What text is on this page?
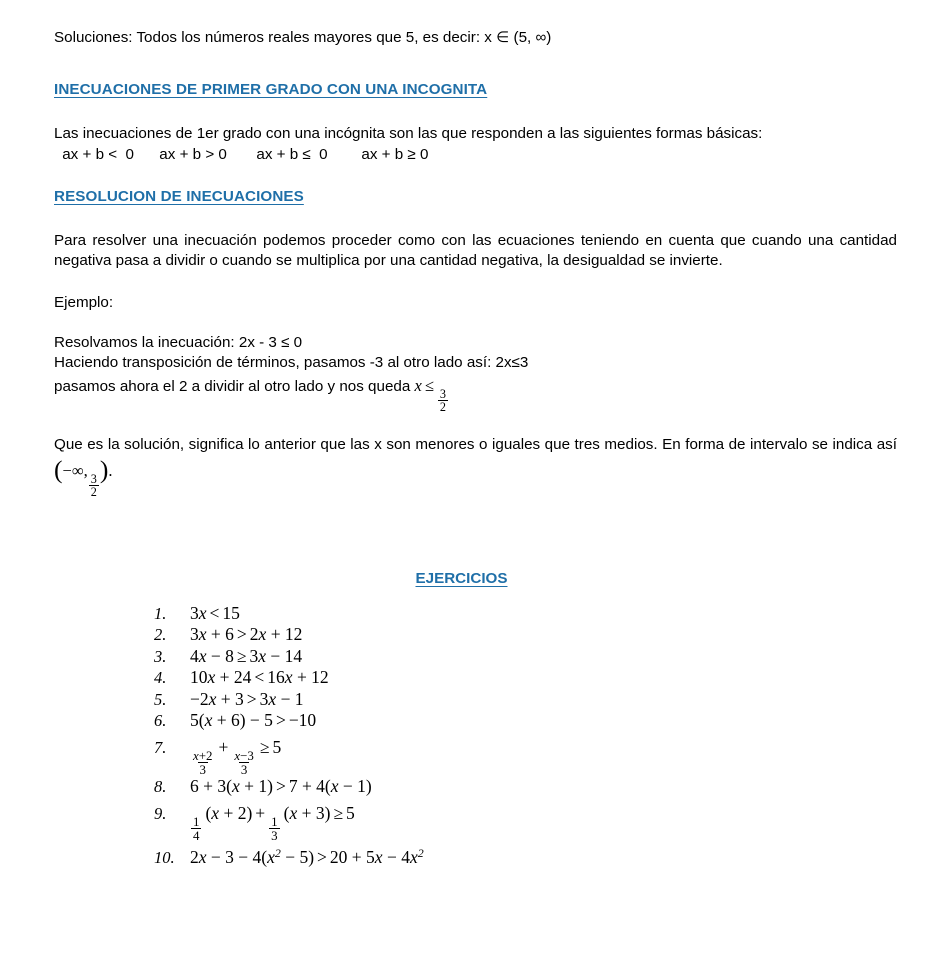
Soluciones: Todos los números reales mayores que 5, es decir: x ∈ (5, ∞)

INECUACIONES DE PRIMER GRADO CON UNA INCOGNITA

Las inecuaciones de 1er grado con una incógnita son las que responden a las siguientes formas básicas:

ax + b <  0      ax + b > 0       ax + b ≤  0        ax + b ≥ 0

RESOLUCION DE INECUACIONES

Para resolver una inecuación podemos proceder como con las ecuaciones teniendo en cuenta que cuando una cantidad negativa pasa a dividir o cuando se multiplica por una cantidad negativa, la desigualdad se invierte.

Ejemplo:

Resolvamos la inecuación: 2x - 3 ≤ 0

Haciendo transposición de términos, pasamos -3 al otro lado así: 2x≤3

pasamos ahora el 2 a dividir al otro lado y nos queda x ≤
$\frac{3}{2}$

Que es la solución, significa lo anterior que las x son menores o iguales que tres medios. En forma de intervalo se indica así (−∞,
$\frac{3}{2}$
).

EJERCICIOS
1.	3x < 15
2.	3x + 6 > 2x + 12
3.	4x − 8 ≥ 3x − 14
4.	10x + 24 < 16x + 12
5.	−2x + 3 > 3x − 1
6.	5(x + 6) − 5 > −10
7.
$\frac{x+2}{3}$
+
$\frac{x-3}{3}$
≥ 5
8.	6 + 3(x + 1) > 7 + 4(x − 1)
9.
$\frac{1}{4}$
(x + 2) +
$\frac{1}{3}$
(x + 3) ≥ 5
10. $2x - 3 - 4(x^2 - 5) > 20 + 5x - 4x^2$
